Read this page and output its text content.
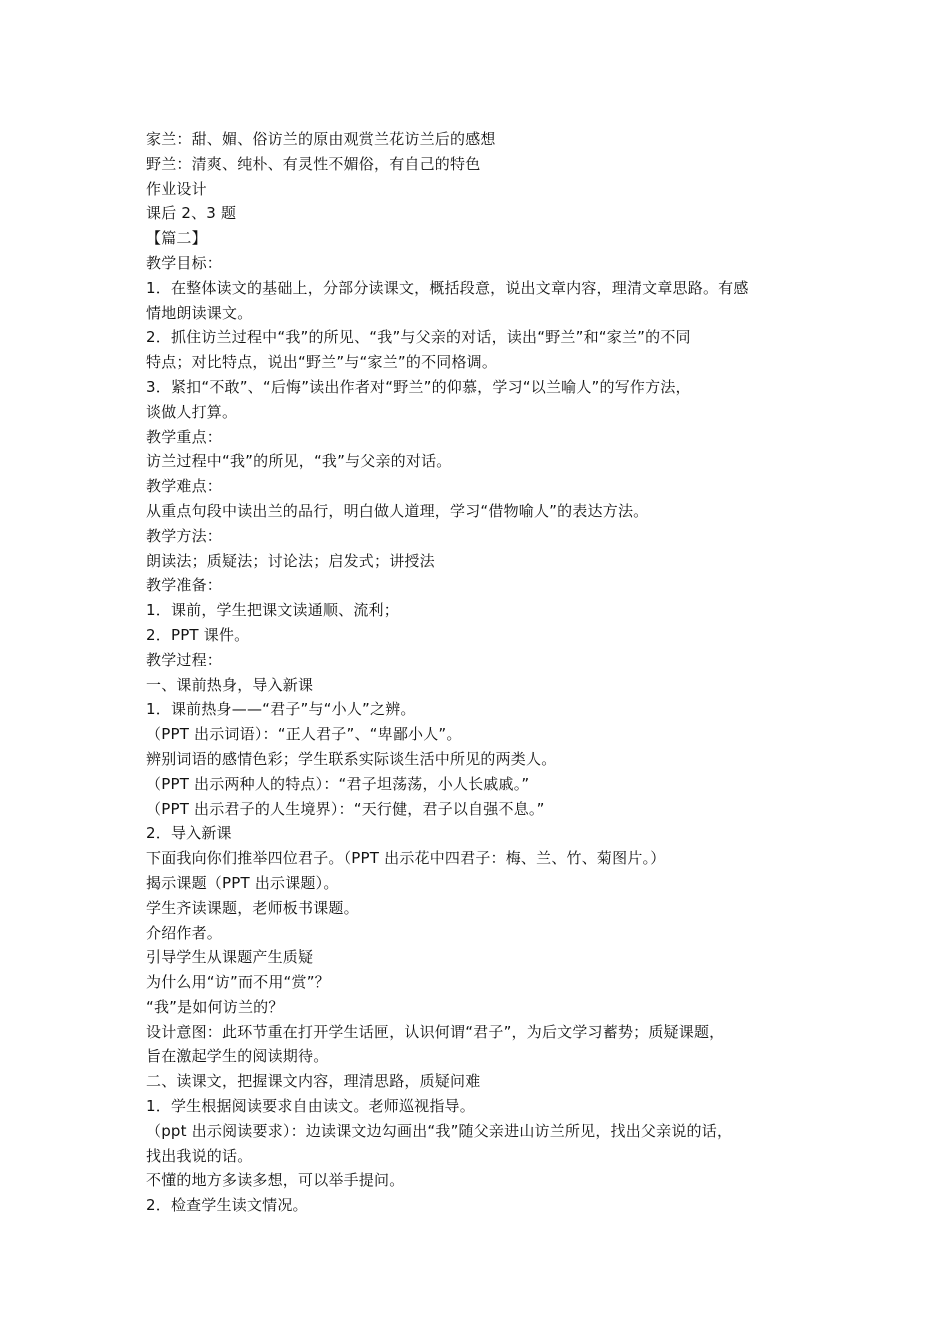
家兰：甜、媚、俗访兰的原由观赏兰花访兰后的感想
野兰：清爽、纯朴、有灵性不媚俗，有自己的特色
作业设计
课后 2、3 题
【篇二】
教学目标：
1．在整体读文的基础上，分部分读课文，概括段意，说出文章内容，理清文章思路。有感
情地朗读课文。
2．抓住访兰过程中“我”的所见、“我”与父亲的对话，读出“野兰”和“家兰”的不同
特点；对比特点，说出“野兰”与“家兰”的不同格调。
3．紧扣“不敢”、“后悔”读出作者对“野兰”的仰慕，学习“以兰喻人”的写作方法，
谈做人打算。
教学重点：
访兰过程中“我”的所见，“我”与父亲的对话。
教学难点：
从重点句段中读出兰的品行，明白做人道理，学习“借物喻人”的表达方法。
教学方法：
朗读法；质疑法；讨论法；启发式；讲授法
教学准备：
1．课前，学生把课文读通顺、流利；
2．PPT 课件。
教学过程：
一、课前热身，导入新课
1．课前热身——“君子”与“小人”之辨。
（PPT 出示词语）：“正人君子”、“卑鄙小人”。
辨别词语的感情色彩；学生联系实际谈生活中所见的两类人。
（PPT 出示两种人的特点）：“君子坦荡荡，小人长戚戚。”
（PPT 出示君子的人生境界）：“天行健，君子以自强不息。”
2．导入新课
下面我向你们推举四位君子。（PPT 出示花中四君子：梅、兰、竹、菊图片。）
揭示课题（PPT 出示课题）。
学生齐读课题，老师板书课题。
介绍作者。
引导学生从课题产生质疑
为什么用“访”而不用“赏”？
“我”是如何访兰的？
设计意图：此环节重在打开学生话匣，认识何谓“君子”，为后文学习蓄势；质疑课题，
旨在激起学生的阅读期待。
二、读课文，把握课文内容，理清思路，质疑问难
1．学生根据阅读要求自由读文。老师巡视指导。
（ppt 出示阅读要求）：边读课文边勾画出“我”随父亲进山访兰所见，找出父亲说的话，
找出我说的话。
不懂的地方多读多想，可以举手提问。
2．检查学生读文情况。
